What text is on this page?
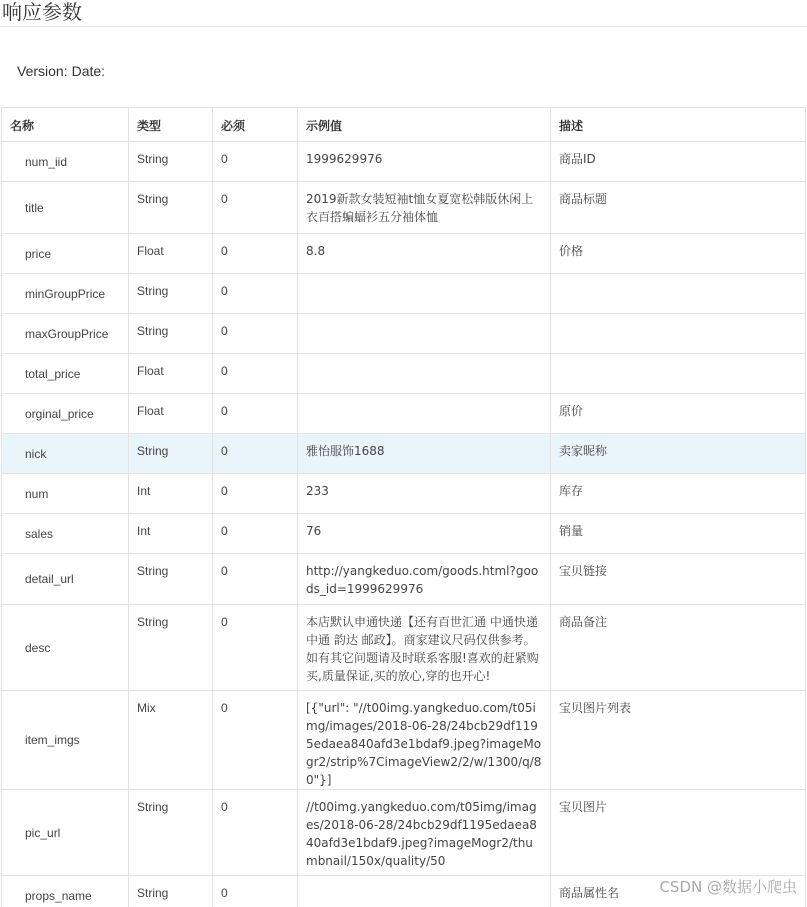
响应参数
Version: Date:
名称	类型	必须	示例值	描述
num_iid	String	0	1999629976	商品ID
title	String	0	2019新款女装短袖t恤女夏宽松韩版休闲上衣百搭蝙蝠衫五分袖体恤	商品标题
price	Float	0	8.8	价格
minGroupPrice	String	0		
maxGroupPrice	String	0		
total_price	Float	0		
orginal_price	Float	0		原价
nick	String	0	雅怡服饰1688	卖家昵称
num	Int	0	233	库存
sales	Int	0	76	销量
detail_url	String	0	http://yangkeduo.com/goods.html?goods_id=1999629976	宝贝链接
desc	String	0	本店默认申通快递【还有百世汇通 中通快递 中通 韵达 邮政】。商家建议尺码仅供参考。如有其它问题请及时联系客服!喜欢的赶紧购买,质量保证,买的放心,穿的也开心!	商品备注
item_imgs	Mix	0	[{"url": "//t00img.yangkeduo.com/t05img/images/2018-06-28/24bcb29df1195edaea840afd3e1bdaf9.jpeg?imageMogr2/strip%7CimageView2/2/w/1300/q/80"}]	宝贝图片列表
pic_url	String	0	//t00img.yangkeduo.com/t05img/images/2018-06-28/24bcb29df1195edaea840afd3e1bdaf9.jpeg?imageMogr2/thumbnail/150x/quality/50	宝贝图片
props_name	String	0		商品属性名	CSDN @数据小爬虫
